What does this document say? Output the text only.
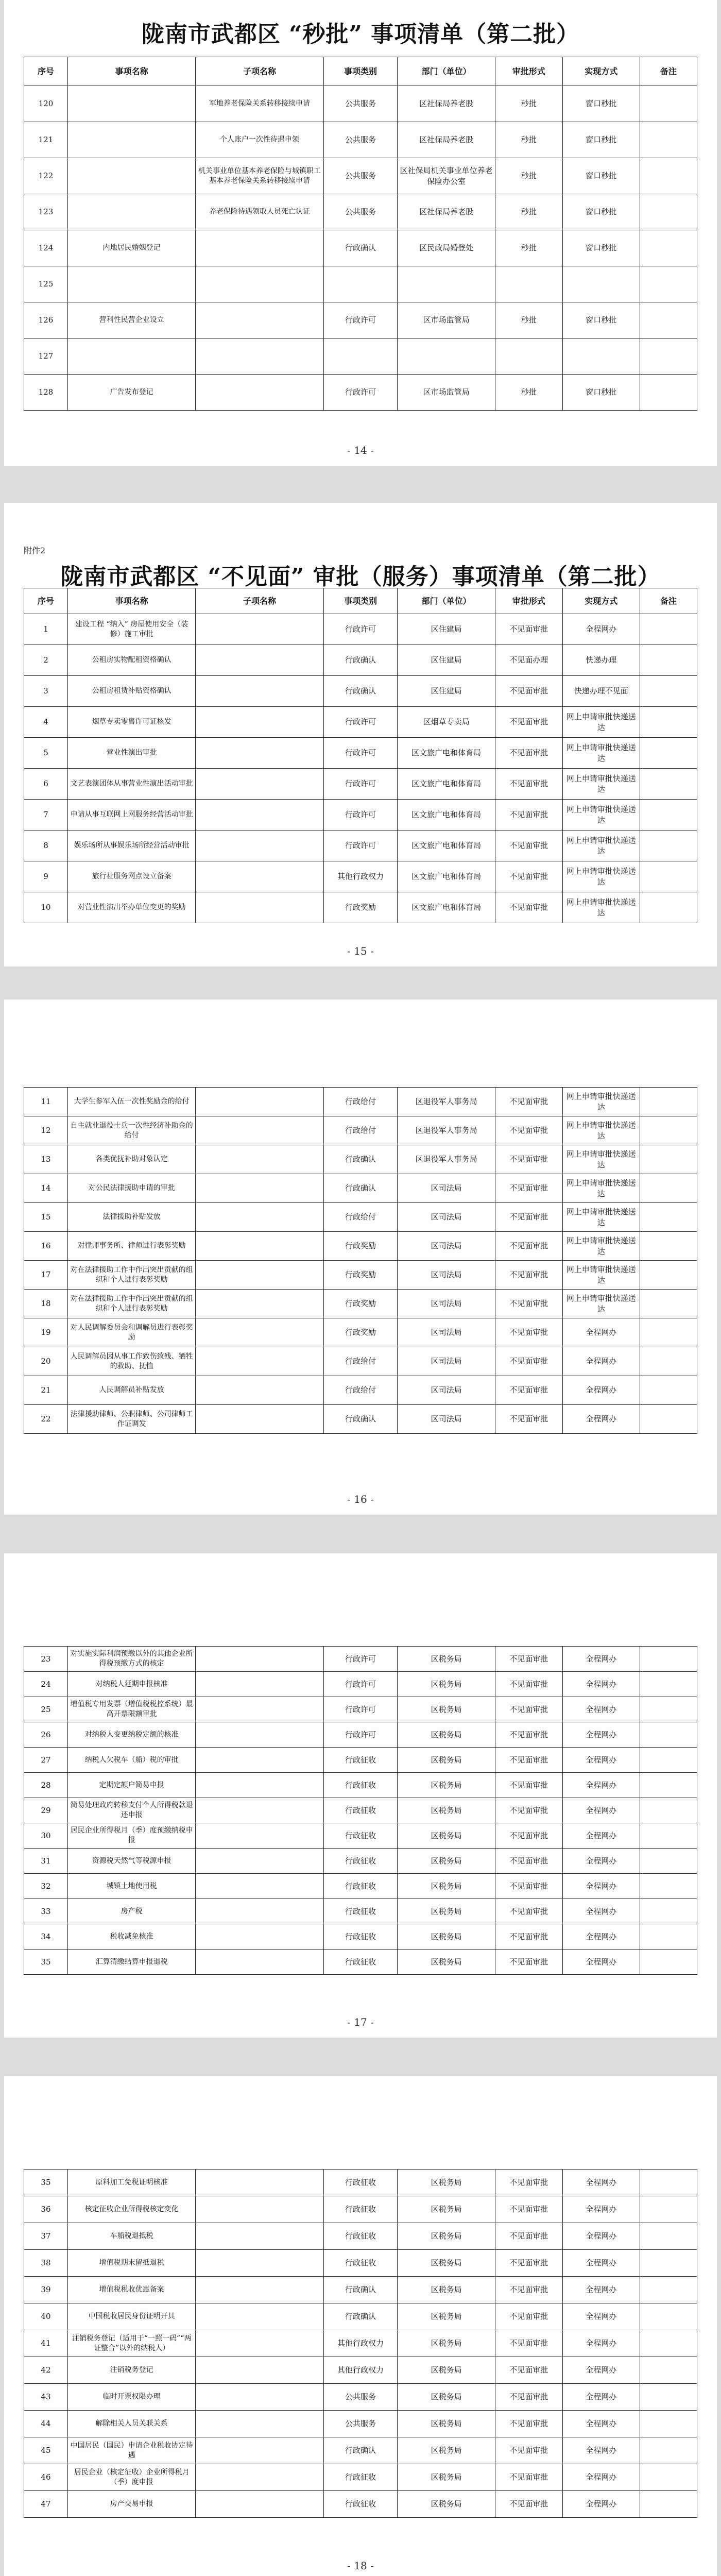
陇南市武都区 “秒批” 事项清单（第二批）
序号	事项名称	子项名称	事项类别	部门（单位）	审批形式	实现方式	备注
120		军地养老保险关系转移接续申请	公共服务	区社保局养老股	秒批	窗口秒批	
121		个人账户一次性待遇申领	公共服务	区社保局养老股	秒批	窗口秒批	
122		机关事业单位基本养老保险与城镇职工基本养老保险关系转移接续申请	公共服务	区社保局机关事业单位养老保险办公室	秒批	窗口秒批	
123		养老保险待遇领取人员死亡认证	公共服务	区社保局养老股	秒批	窗口秒批	
124	内地居民婚姻登记		行政确认	区民政局婚登处	秒批	窗口秒批	
125							
126	营利性民营企业设立		行政许可	区市场监管局	秒批	窗口秒批	
127							
128	广告发布登记		行政许可	区市场监管局	秒批	窗口秒批	
- 14 -
附件2
陇南市武都区 “不见面” 审批（服务）事项清单（第二批）
序号	事项名称	子项名称	事项类别	部门（单位）	审批形式	实现方式	备注
1	建设工程 “纳入” 房屋使用安全（装修）施工审批		行政许可	区住建局	不见面审批	全程网办	
2	公租房实物配租资格确认		行政确认	区住建局	不见面办理	快递办理	
3	公租房租赁补贴资格确认		行政确认	区住建局	不见面审批	快递办理不见面	
4	烟草专卖零售许可证核发		行政许可	区烟草专卖局	不见面审批	网上申请审批快递送达	
5	营业性演出审批		行政许可	区文旅广电和体育局	不见面审批	网上申请审批快递送达	
6	文艺表演团体从事营业性演出活动审批		行政许可	区文旅广电和体育局	不见面审批	网上申请审批快递送达	
7	申请从事互联网上网服务经营活动审批		行政许可	区文旅广电和体育局	不见面审批	网上申请审批快递送达	
8	娱乐场所从事娱乐场所经营活动审批		行政许可	区文旅广电和体育局	不见面审批	网上申请审批快递送达	
9	旅行社服务网点设立备案		其他行政权力	区文旅广电和体育局	不见面审批	网上申请审批快递送达	
10	对营业性演出举办单位变更的奖励		行政奖励	区文旅广电和体育局	不见面审批	网上申请审批快递送达	
- 15 -
11	大学生参军入伍一次性奖励金的给付		行政给付	区退役军人事务局	不见面审批	网上申请审批快递送达	
12	自主就业退役士兵一次性经济补助金的给付		行政给付	区退役军人事务局	不见面审批	网上申请审批快递送达	
13	各类优抚补助对象认定		行政确认	区退役军人事务局	不见面审批	网上申请审批快递送达	
14	对公民法律援助申请的审批		行政确认	区司法局	不见面审批	网上申请审批快递送达	
15	法律援助补贴发放		行政给付	区司法局	不见面审批	网上申请审批快递送达	
16	对律师事务所、律师进行表彰奖励		行政奖励	区司法局	不见面审批	网上申请审批快递送达	
17	对在法律援助工作中作出突出贡献的组织和个人进行表彰奖励		行政奖励	区司法局	不见面审批	网上申请审批快递送达	
18	对在法律援助工作中作出突出贡献的组织和个人进行表彰奖励		行政奖励	区司法局	不见面审批	网上申请审批快递送达	
19	对人民调解委员会和调解员进行表彰奖励		行政奖励	区司法局	不见面审批	全程网办	
20	人民调解员因从事工作致伤致残、牺牲的救助、抚恤		行政给付	区司法局	不见面审批	全程网办	
21	人民调解员补贴发放		行政给付	区司法局	不见面审批	全程网办	
22	法律援助律师、公职律师、公司律师工作证调发		行政确认	区司法局	不见面审批	全程网办	
- 16 -
23	对实施实际利润预缴以外的其他企业所得税预缴方式的核定		行政许可	区税务局	不见面审批	全程网办	
24	对纳税人延期申报核准		行政许可	区税务局	不见面审批	全程网办	
25	增值税专用发票（增值税税控系统）最高开票限额审批		行政许可	区税务局	不见面审批	全程网办	
26	对纳税人变更纳税定额的核准		行政许可	区税务局	不见面审批	全程网办	
27	纳税人欠税车（船）税的审批		行政征收	区税务局	不见面审批	全程网办	
28	定期定额户简易申报		行政征收	区税务局	不见面审批	全程网办	
29	简易处理政府转移支付个人所得税款退还申报		行政征收	区税务局	不见面审批	全程网办	
30	居民企业所得税月（季）度预缴纳税申报		行政征收	区税务局	不见面审批	全程网办	
31	资源税天然气等税源申报		行政征收	区税务局	不见面审批	全程网办	
32	城镇土地使用税		行政征收	区税务局	不见面审批	全程网办	
33	房产税		行政征收	区税务局	不见面审批	全程网办	
34	税收减免核准		行政征收	区税务局	不见面审批	全程网办	
35	汇算清缴结算申报退税		行政征收	区税务局	不见面审批	全程网办	
- 17 -
35	原料加工免税证明核准		行政征收	区税务局	不见面审批	全程网办	
36	核定征收企业所得税核定变化		行政征收	区税务局	不见面审批	全程网办	
37	车船税退抵税		行政征收	区税务局	不见面审批	全程网办	
38	增值税期末留抵退税		行政征收	区税务局	不见面审批	全程网办	
39	增值税税收优惠备案		行政确认	区税务局	不见面审批	全程网办	
40	中国税收居民身份证明开具		行政确认	区税务局	不见面审批	全程网办	
41	注销税务登记（适用于“一照一码”“两证整合”以外的纳税人）		其他行政权力	区税务局	不见面审批	全程网办	
42	注销税务登记		其他行政权力	区税务局	不见面审批	全程网办	
43	临时开票权限办理		公共服务	区税务局	不见面审批	全程网办	
44	解除相关人员关联关系		公共服务	区税务局	不见面审批	全程网办	
45	中国居民（国民）申请企业税收协定待遇		行政确认	区税务局	不见面审批	全程网办	
46	居民企业（核定征收）企业所得税月（季）度申报		行政征收	区税务局	不见面审批	全程网办	
47	房产交易申报		行政征收	区税务局	不见面审批	全程网办	
- 18 -
